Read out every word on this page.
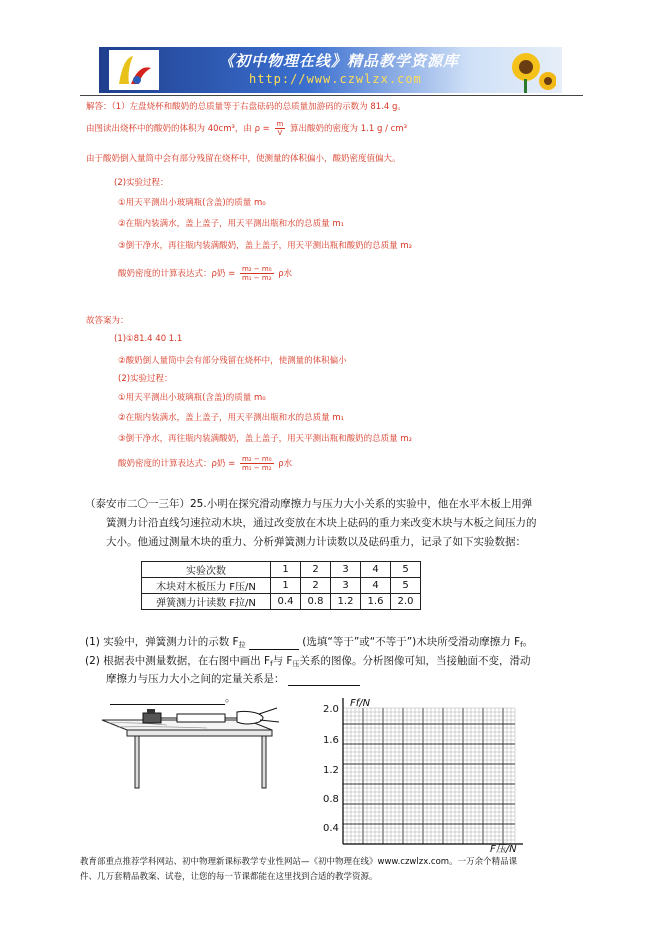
《初中物理在线》精品教学资源库
http://www.czwlzx.com
解答：（1）左盘烧杯和酸奶的总质量等于右盘砝码的总质量加游码的示数为 81.4 g。
由图读出烧杯中的酸奶的体积为 40cm³，由 $\rho = \frac{m}{V}$ 算出酸奶的密度为 1.1 g / cm³
由于酸奶倒入量筒中会有部分残留在烧杯中，使测量的体积偏小，酸奶密度值偏大。
(2)实验过程：
①用天平测出小玻璃瓶(含盖)的质量 m₀
②在瓶内装满水，盖上盖子，用天平测出瓶和水的总质量 m₁
③倒干净水，再往瓶内装满酸奶，盖上盖子，用天平测出瓶和酸奶的总质量 m₂
酸奶密度的计算表达式：ρ奶 = $\frac{\text{m₂ − m₀}}{\text{m₁ − m₂}}$ ρ水
故答案为：
(1)①81.4 40 1.1
②酸奶倒人量筒中会有部分残留在烧杯中，使测量的体积偏小
(2)实验过程：
①用天平测出小玻璃瓶(含盖)的质量 m₀
②在瓶内装满水，盖上盖子，用天平测出瓶和水的总质量 m₁
③倒干净水，再往瓶内装满酸奶，盖上盖子，用天平测出瓶和酸奶的总质量 m₂
酸奶密度的计算表达式：ρ奶 = $\frac{\text{m₂ − m₀}}{\text{m₁ − m₂}}$ ρ水
（泰安市二〇一三年）25.小明在探究滑动摩擦力与压力大小关系的实验中，他在水平木板上用弹
簧测力计沿直线匀速拉动木块，通过改变放在木块上砝码的重力来改变木块与木板之间压力的
大小。他通过测量木块的重力、分析弹簧测力计读数以及砝码重力，记录了如下实验数据：
实验次数	1	2	3	4	5
木块对木板压力 F压/N	1	2	3	4	5
弹簧测力计读数 F拉/N	0.4	0.8	1.2	1.6	2.0
(1) 实验中，弹簧测力计的示数 $F_拉$	(选填“等于”或“不等于”)木块所受滑动摩擦力 $F_f$。
(2) 根据表中测量数据，在右图中画出 $F_f$与 $F_压$关系的图像。分析图像可知，当接触面不变，滑动
摩擦力与压力大小之间的定量关系是：
。	Ff/N
F压/N
2.0
1.6
1.2
0.8
0.4
教育部重点推荐学科网站、初中物理新课标教学专业性网站—《初中物理在线》www.czwlzx.com。一万余个精品课
件、几万套精品教案、试卷，让您的每一节课都能在这里找到合适的教学资源。
